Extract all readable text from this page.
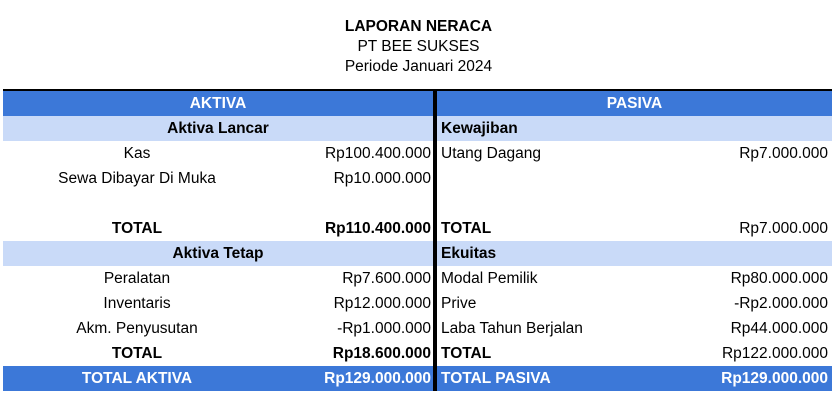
LAPORAN NERACA
PT BEE SUKSES
Periode Januari 2024
AKTIVA	PASIVA
Aktiva Lancar	Kewajiban
Kas	Rp100.400.000 Utang Dagang	Rp7.000.000
Sewa Dibayar Di Muka	Rp10.000.000
TOTAL	Rp110.400.000 TOTAL	Rp7.000.000
Aktiva Tetap	Ekuitas
Peralatan	Rp7.600.000 Modal Pemilik	Rp80.000.000
Inventaris	Rp12.000.000 Prive	-Rp2.000.000
Akm. Penyusutan	-Rp1.000.000 Laba Tahun Berjalan	Rp44.000.000
TOTAL	Rp18.600.000 TOTAL	Rp122.000.000
TOTAL AKTIVA	Rp129.000.000 TOTAL PASIVA	Rp129.000.000
